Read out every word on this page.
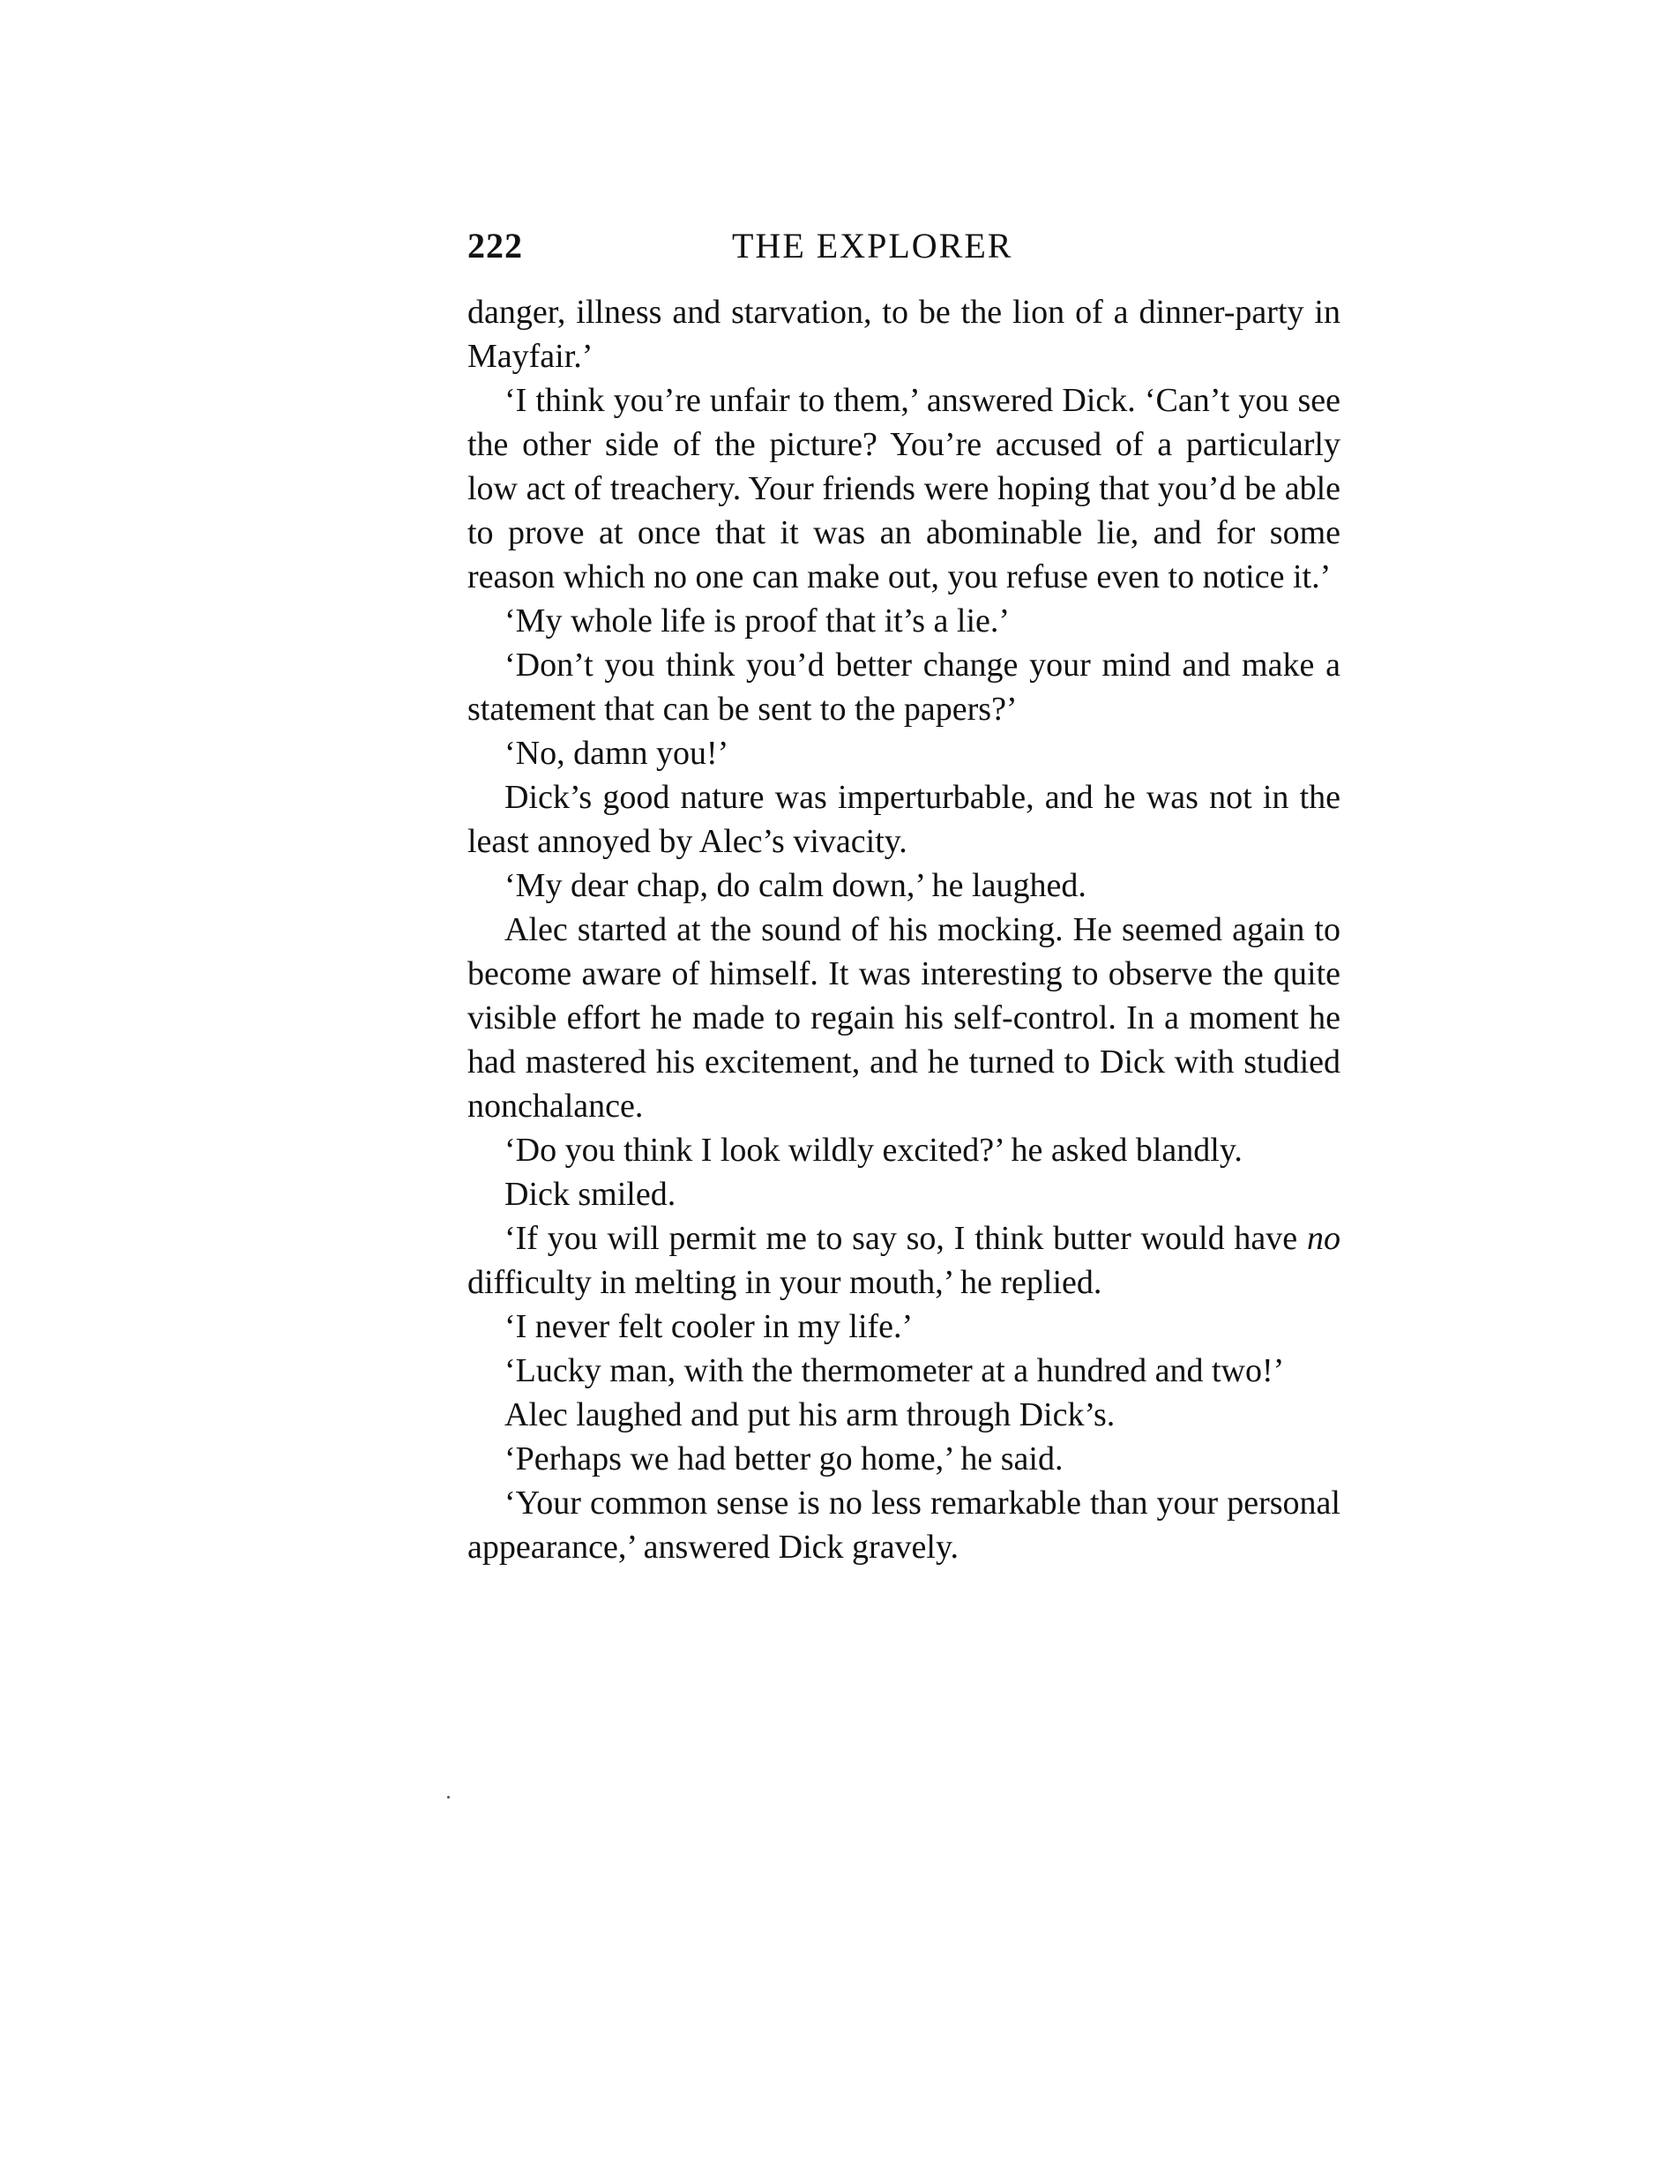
222	THE EXPLORER

danger, illness and starvation, to be the lion of a dinner-party in Mayfair.’

‘I think you’re unfair to them,’ answered Dick. ‘Can’t you see the other side of the picture? You’re accused of a particularly low act of treachery. Your friends were hoping that you’d be able to prove at once that it was an abominable lie, and for some reason which no one can make out, you refuse even to notice it.’

‘My whole life is proof that it’s a lie.’

‘Don’t you think you’d better change your mind and make a statement that can be sent to the papers?’

‘No, damn you!’

Dick’s good nature was imperturbable, and he was not in the least annoyed by Alec’s vivacity.

‘My dear chap, do calm down,’ he laughed.

Alec started at the sound of his mocking. He seemed again to become aware of himself. It was interesting to observe the quite visible effort he made to regain his self-control. In a moment he had mastered his excitement, and he turned to Dick with studied nonchalance.

‘Do you think I look wildly excited?’ he asked blandly.

Dick smiled.

‘If you will permit me to say so, I think butter would have no difficulty in melting in your mouth,’ he replied.

‘I never felt cooler in my life.’

‘Lucky man, with the thermometer at a hundred and two!’

Alec laughed and put his arm through Dick’s.

‘Perhaps we had better go home,’ he said.

‘Your common sense is no less remarkable than your personal appearance,’ answered Dick gravely.
